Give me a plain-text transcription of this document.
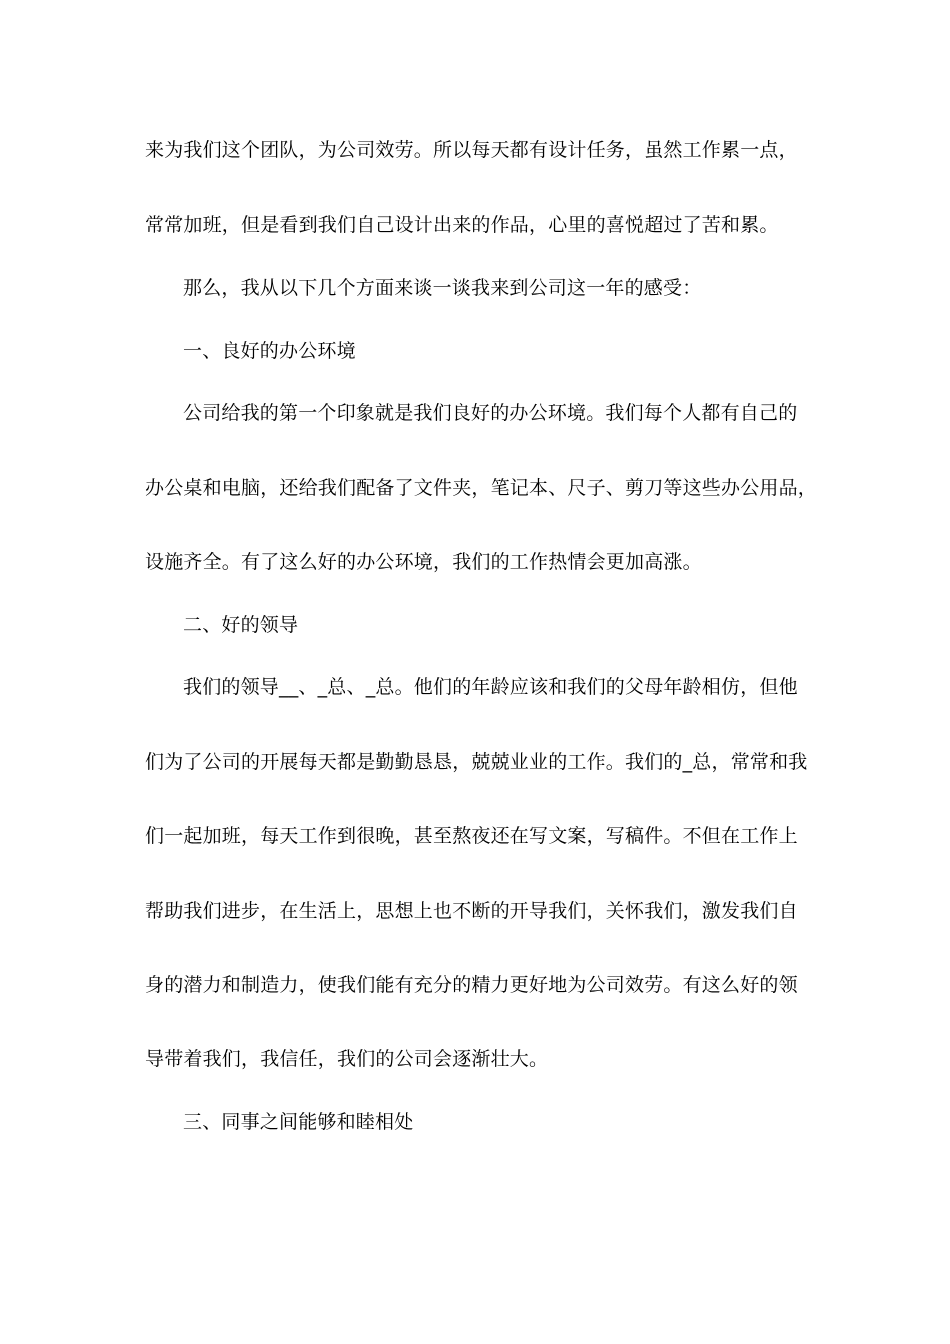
来为我们这个团队，为公司效劳。所以每天都有设计任务，虽然工作累一点，

常常加班，但是看到我们自己设计出来的作品，心里的喜悦超过了苦和累。

那么，我从以下几个方面来谈一谈我来到公司这一年的感受：

一、良好的办公环境

公司给我的第一个印象就是我们良好的办公环境。我们每个人都有自己的

办公桌和电脑，还给我们配备了文件夹，笔记本、尺子、剪刀等这些办公用品，

设施齐全。有了这么好的办公环境，我们的工作热情会更加高涨。

二、好的领导

我们的领导__、_总、_总。他们的年龄应该和我们的父母年龄相仿，但他

们为了公司的开展每天都是勤勤恳恳，兢兢业业的工作。我们的_总，常常和我

们一起加班，每天工作到很晚，甚至熬夜还在写文案，写稿件。不但在工作上

帮助我们进步，在生活上，思想上也不断的开导我们，关怀我们，激发我们自

身的潜力和制造力，使我们能有充分的精力更好地为公司效劳。有这么好的领

导带着我们，我信任，我们的公司会逐渐壮大。

三、同事之间能够和睦相处
